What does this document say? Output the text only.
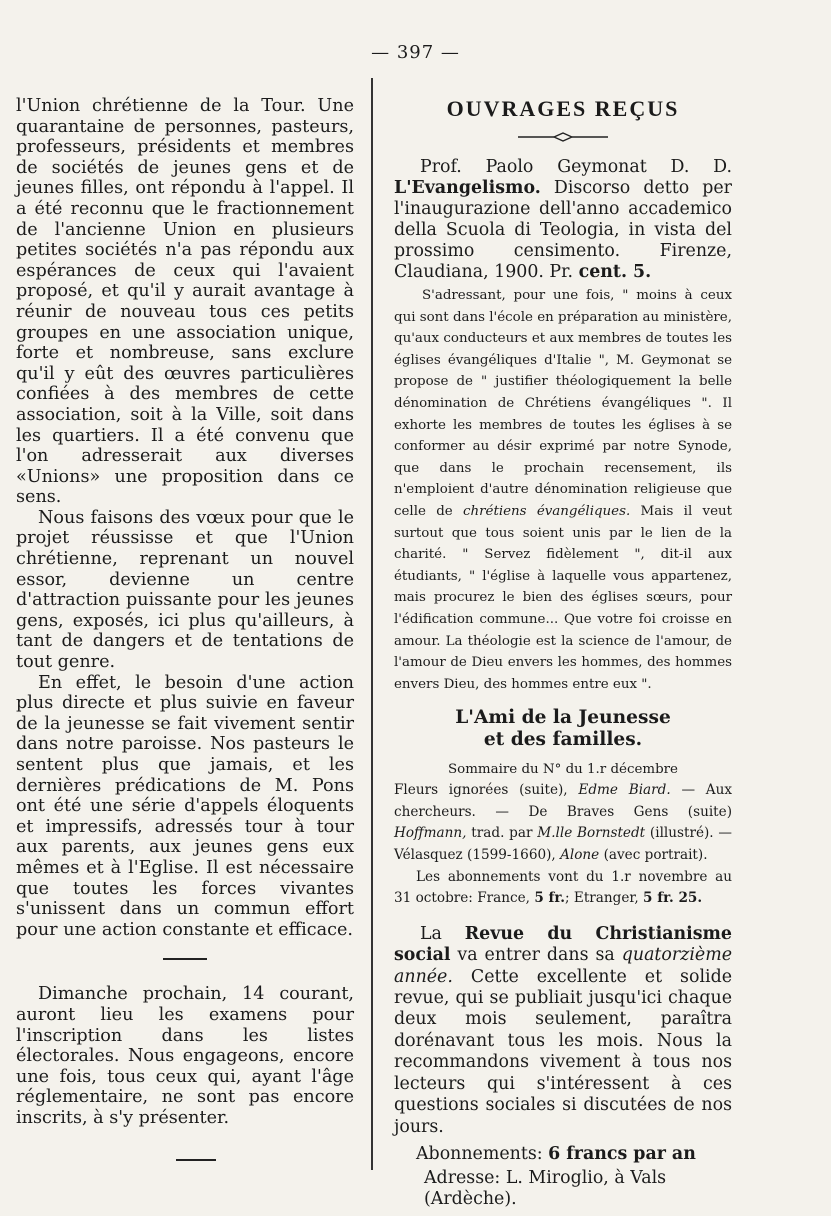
— 397 —

l'Union chrétienne de la Tour. Une quarantaine de personnes, pasteurs, professeurs, présidents et membres de sociétés de jeunes gens et de jeunes filles, ont répondu à l'appel. Il a été reconnu que le fractionnement de l'ancienne Union en plusieurs petites sociétés n'a pas répondu aux espérances de ceux qui l'avaient proposé, et qu'il y aurait avantage à réunir de nouveau tous ces petits groupes en une association unique, forte et nombreuse, sans exclure qu'il y eût des œuvres particulières confiées à des membres de cette association, soit à la Ville, soit dans les quartiers. Il a été convenu que l'on adresserait aux diverses «Unions» une proposition dans ce sens.

Nous faisons des vœux pour que le projet réussisse et que l'Union chrétienne, reprenant un nouvel essor, devienne un centre d'attraction puissante pour les jeunes gens, exposés, ici plus qu'ailleurs, à tant de dangers et de tentations de tout genre.

En effet, le besoin d'une action plus directe et plus suivie en faveur de la jeunesse se fait vivement sentir dans notre paroisse. Nos pasteurs le sentent plus que jamais, et les dernières prédications de M. Pons ont été une série d'appels éloquents et impressifs, adressés tour à tour aux parents, aux jeunes gens eux mêmes et à l'Eglise. Il est nécessaire que toutes les forces vivantes s'unissent dans un commun effort pour une action constante et efficace.

Dimanche prochain, 14 courant, auront lieu les examens pour l'inscription dans les listes électorales. Nous engageons, encore une fois, tous ceux qui, ayant l'âge réglementaire, ne sont pas encore inscrits, à s'y présenter.

OUVRAGES REÇUS

Prof. Paolo Geymonat D. D. L'Evangelismo. Discorso detto per l'inaugurazione dell'anno accademico della Scuola di Teologia, in vista del prossimo censimento. Firenze, Claudiana, 1900. Pr. cent. 5.

S'adressant, pour une fois, " moins à ceux qui sont dans l'école en préparation au ministère, qu'aux conducteurs et aux membres de toutes les églises évangéliques d'Italie ", M. Geymonat se propose de " justifier théologiquement la belle dénomination de Chrétiens évangéliques ". Il exhorte les membres de toutes les églises à se conformer au désir exprimé par notre Synode, que dans le prochain recensement, ils n'emploient d'autre dénomination religieuse que celle de chrétiens évangéliques. Mais il veut surtout que tous soient unis par le lien de la charité. " Servez fidèlement ", dit-il aux étudiants, " l'église à laquelle vous appartenez, mais procurez le bien des églises sœurs, pour l'édification commune... Que votre foi croisse en amour. La théologie est la science de l'amour, de l'amour de Dieu envers les hommes, des hommes envers Dieu, des hommes entre eux ".

L'Ami de la Jeunesse
et des familles.

Sommaire du N° du 1.r décembre

Fleurs ignorées (suite), Edme Biard. — Aux chercheurs. — De Braves Gens (suite) Hoffmann, trad. par M.lle Bornstedt (illustré). — Vélasquez (1599-1660), Alone (avec portrait).

Les abonnements vont du 1.r novembre au 31 octobre: France, 5 fr.; Etranger, 5 fr. 25.

La Revue du Christianisme social va entrer dans sa quatorzième année. Cette excellente et solide revue, qui se publiait jusqu'ici chaque deux mois seulement, paraîtra dorénavant tous les mois. Nous la recommandons vivement à tous nos lecteurs qui s'intéressent à ces questions sociales si discutées de nos jours.

Abonnements: 6 francs par an

Adresse: L. Miroglio, à Vals (Ardèche).
